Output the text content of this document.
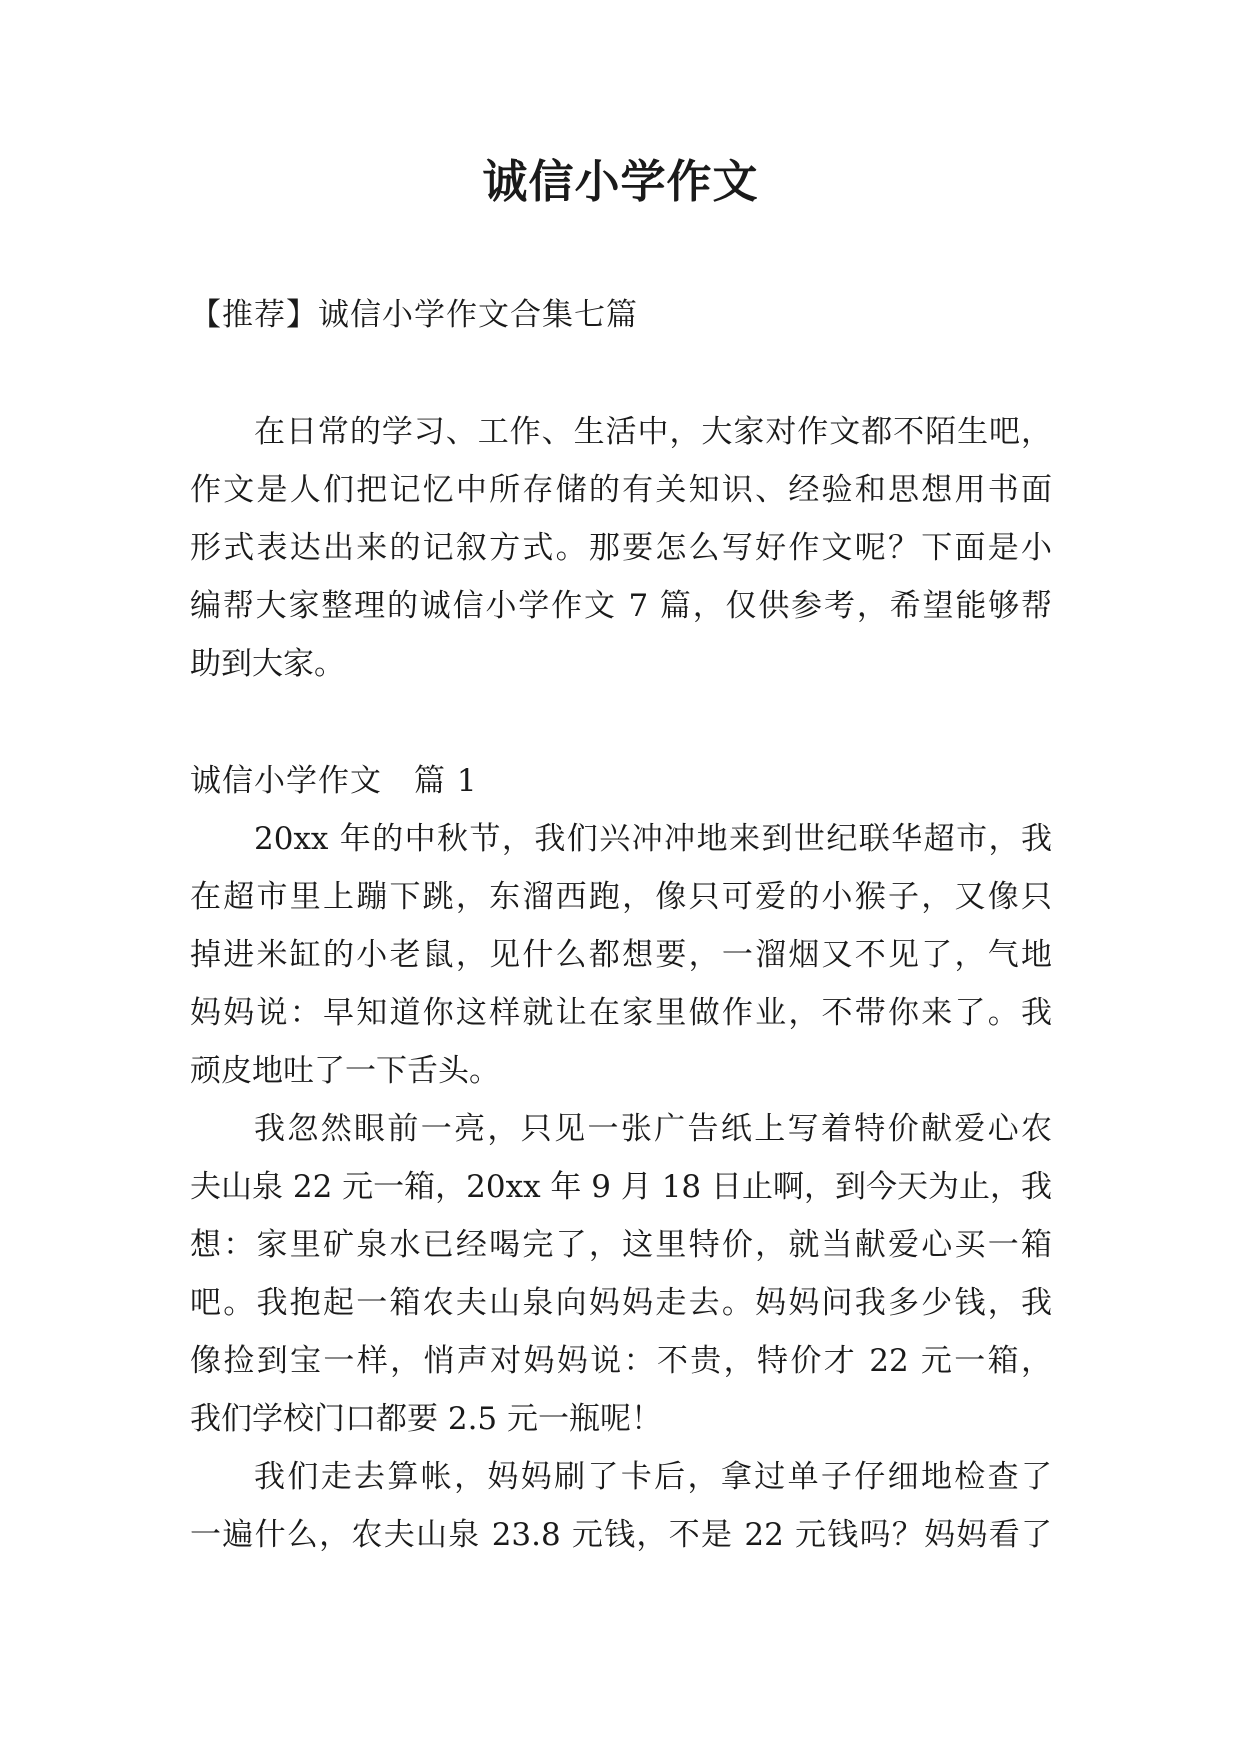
诚信小学作文
【推荐】诚信小学作文合集七篇
在日常的学习、工作、生活中，大家对作文都不陌生吧，
作文是人们把记忆中所存储的有关知识、经验和思想用书面
形式表达出来的记叙方式。那要怎么写好作文呢？下面是小
编帮大家整理的诚信小学作文 7 篇，仅供参考，希望能够帮
助到大家。
诚信小学作文　篇 1
20xx 年的中秋节，我们兴冲冲地来到世纪联华超市，我
在超市里上蹦下跳，东溜西跑，像只可爱的小猴子，又像只
掉进米缸的小老鼠，见什么都想要，一溜烟又不见了，气地
妈妈说：早知道你这样就让在家里做作业，不带你来了。我
顽皮地吐了一下舌头。
我忽然眼前一亮，只见一张广告纸上写着特价献爱心农
夫山泉 22 元一箱，20xx 年 9 月 18 日止啊，到今天为止，我
想：家里矿泉水已经喝完了，这里特价，就当献爱心买一箱
吧。我抱起一箱农夫山泉向妈妈走去。妈妈问我多少钱，我
像捡到宝一样，悄声对妈妈说：不贵，特价才 22 元一箱，
我们学校门口都要 2.5 元一瓶呢！
我们走去算帐，妈妈刷了卡后，拿过单子仔细地检查了
一遍什么，农夫山泉 23.8 元钱，不是 22 元钱吗？妈妈看了
